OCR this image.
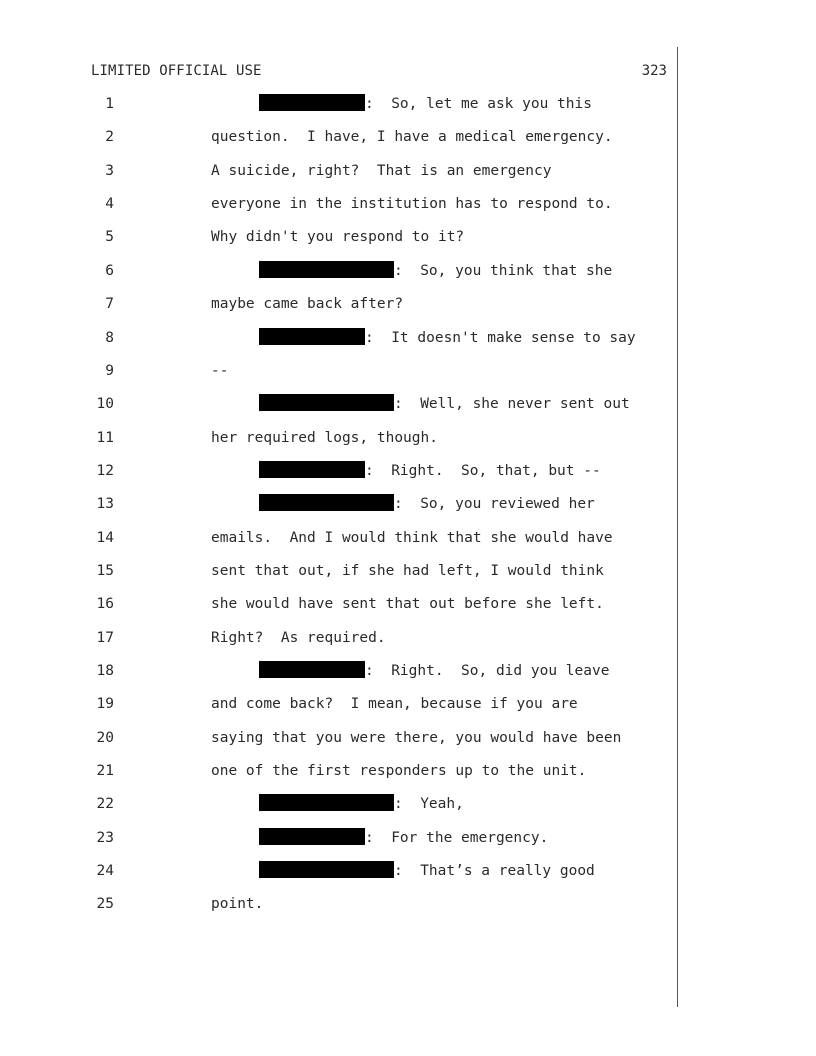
LIMITED OFFICIAL USE	323
1	:  So, let me ask you this
2	question.  I have, I have a medical emergency.
3	A suicide, right?  That is an emergency
4	everyone in the institution has to respond to.
5	Why didn't you respond to it?
6	:  So, you think that she
7	maybe came back after?
8	:  It doesn't make sense to say
9	--
10	:  Well, she never sent out
11	her required logs, though.
12	:  Right.  So, that, but --
13	:  So, you reviewed her
14	emails.  And I would think that she would have
15	sent that out, if she had left, I would think
16	she would have sent that out before she left.
17	Right?  As required.
18	:  Right.  So, did you leave
19	and come back?  I mean, because if you are
20	saying that you were there, you would have been
21	one of the first responders up to the unit.
22	:  Yeah,
23	:  For the emergency.
24	:  That’s a really good
25	point.
